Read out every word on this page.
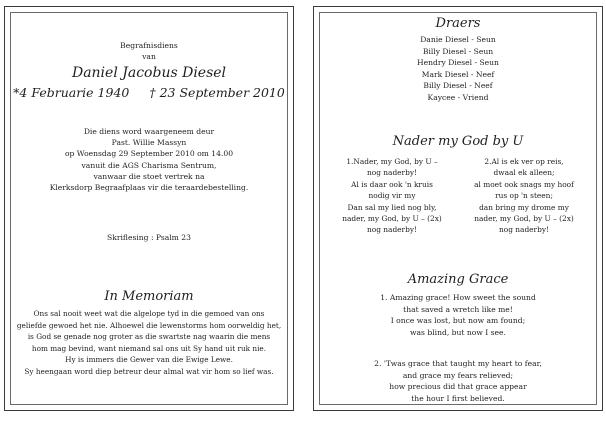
Begrafnisdiens
van
Daniel Jacobus Diesel
*4 Februarie 1940 † 23 September 2010
Die diens word waargeneem deur
Past. Willie Massyn
op Woensdag 29 September 2010 om 14.00
vanuit die AGS Charisma Sentrum,
vanwaar die stoet vertrek na
Klerksdorp Begraafplaas vir die teraardebestelling.
Skriflesing : Psalm 23
In Memoriam
Ons sal nooit weet wat die algelope tyd in die gemoed van ons
geliefde gewoed het nie. Alhoewel die lewenstorms hom oorweldig het,
is God se genade nog groter as die swartste nag waarin die mens
hom mag bevind, want niemand sal ons uit Sy hand uit ruk nie.
Hy is immers die Gewer van die Ewige Lewe.
Sy heengaan word diep betreur deur almal wat vir hom so lief was.
Draers
Danie Diesel - Seun
Billy Diesel - Seun
Hendry Diesel - Seun
Mark Diesel - Neef
Billy Diesel - Neef
Kaycee - Vriend
Nader my God by U
1.Nader, my God, by U –
nog naderby!
Al is daar ook 'n kruis
nodig vir my
Dan sal my lied nog bly,
nader, my God, by U – (2x)
nog naderby!
2.Al is ek ver op reis,
dwaal ek alleen;
al moet ook snags my hoof
rus op 'n steen;
dan bring my drome my
nader, my God, by U – (2x)
nog naderby!
Amazing Grace
1. Amazing grace! How sweet the sound
that saved a wretch like me!
I once was lost, but now am found;
was blind, but now I see.
2. 'Twas grace that taught my heart to fear,
and grace my fears relieved;
how precious did that grace appear
the hour I first believed.
